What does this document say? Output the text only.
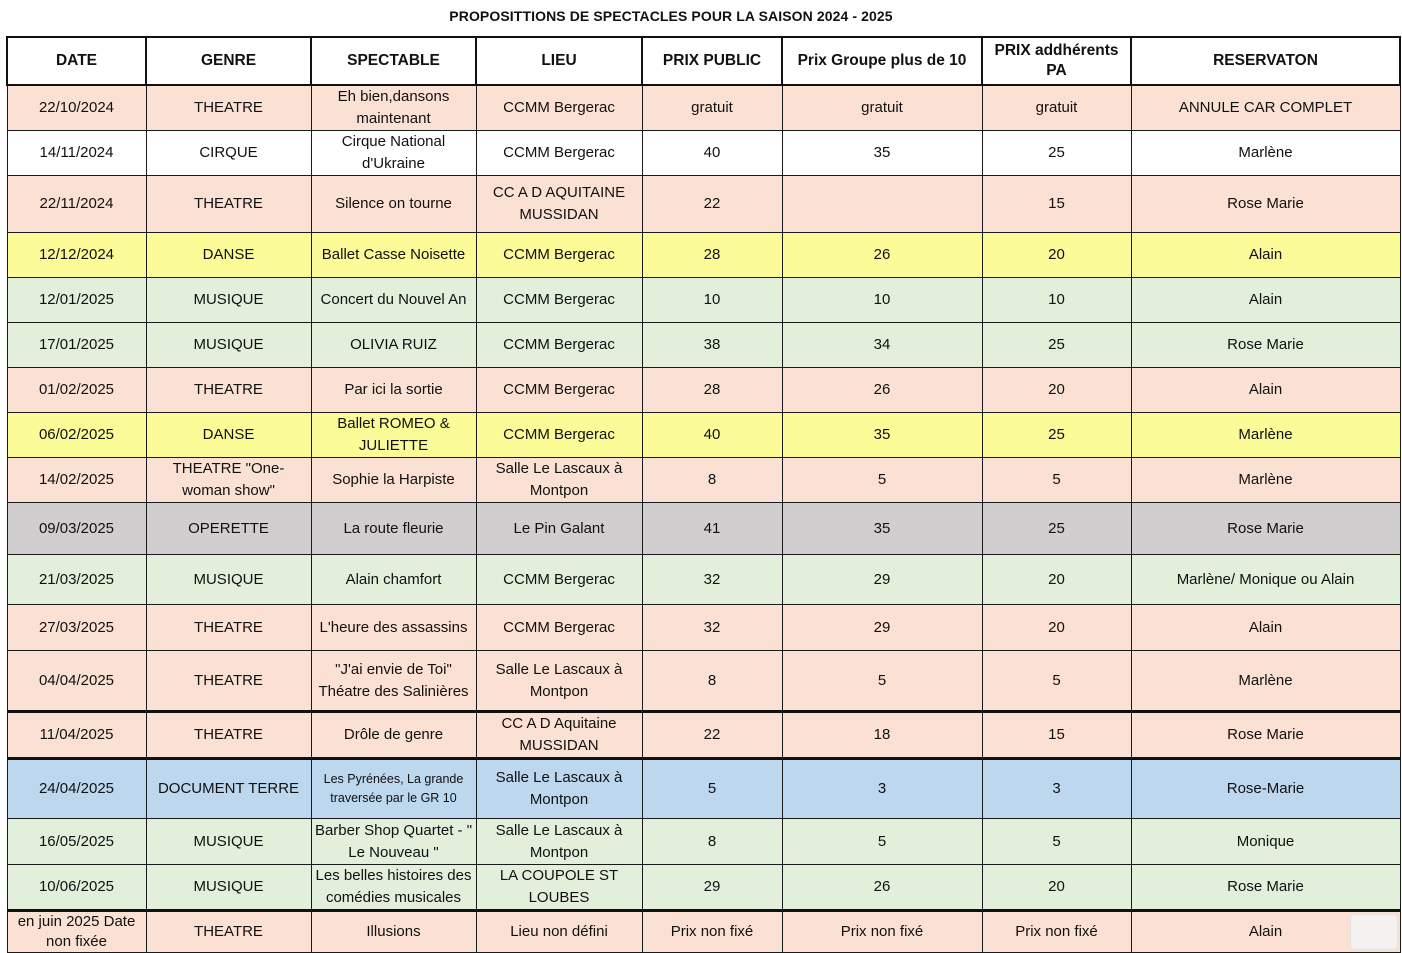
PROPOSITTIONS DE SPECTACLES POUR LA SAISON 2024 - 2025
DATE	GENRE	SPECTABLE	LIEU	PRIX PUBLIC	Prix Groupe plus de 10	PRIX addhérents PA	RESERVATON
22/10/2024	THEATRE	Eh bien,dansons maintenant	CCMM Bergerac	gratuit	gratuit	gratuit	ANNULE CAR COMPLET
14/11/2024	CIRQUE	Cirque National d'Ukraine	CCMM Bergerac	40	35	25	Marlène
22/11/2024	THEATRE	Silence on tourne	CC A D AQUITAINE MUSSIDAN	22		15	Rose Marie
12/12/2024	DANSE	Ballet Casse Noisette	CCMM Bergerac	28	26	20	Alain
12/01/2025	MUSIQUE	Concert du Nouvel An	CCMM Bergerac	10	10	10	Alain
17/01/2025	MUSIQUE	OLIVIA RUIZ	CCMM Bergerac	38	34	25	Rose Marie
01/02/2025	THEATRE	Par ici la sortie	CCMM Bergerac	28	26	20	Alain
06/02/2025	DANSE	Ballet ROMEO & JULIETTE	CCMM Bergerac	40	35	25	Marlène
14/02/2025	THEATRE "One-woman show"	Sophie la Harpiste	Salle Le Lascaux à Montpon	8	5	5	Marlène
09/03/2025	OPERETTE	La route fleurie	Le Pin Galant	41	35	25	Rose Marie
21/03/2025	MUSIQUE	Alain chamfort	CCMM Bergerac	32	29	20	Marlène/ Monique ou Alain
27/03/2025	THEATRE	L'heure des assassins	CCMM Bergerac	32	29	20	Alain
04/04/2025	THEATRE	"J'ai envie de Toi" Théatre des Salinières	Salle Le Lascaux à Montpon	8	5	5	Marlène
11/04/2025	THEATRE	Drôle de genre	CC A D Aquitaine MUSSIDAN	22	18	15	Rose Marie
24/04/2025	DOCUMENT TERRE	Les Pyrénées, La grande traversée par le GR 10	Salle Le Lascaux à Montpon	5	3	3	Rose-Marie
16/05/2025	MUSIQUE	Barber Shop Quartet - " Le Nouveau "	Salle Le Lascaux à Montpon	8	5	5	Monique
10/06/2025	MUSIQUE	Les belles histoires des comédies musicales	LA COUPOLE ST LOUBES	29	26	20	Rose Marie
en juin 2025 Date non fixée	THEATRE	Illusions	Lieu non défini	Prix non fixé	Prix non fixé	Prix non fixé	Alain
